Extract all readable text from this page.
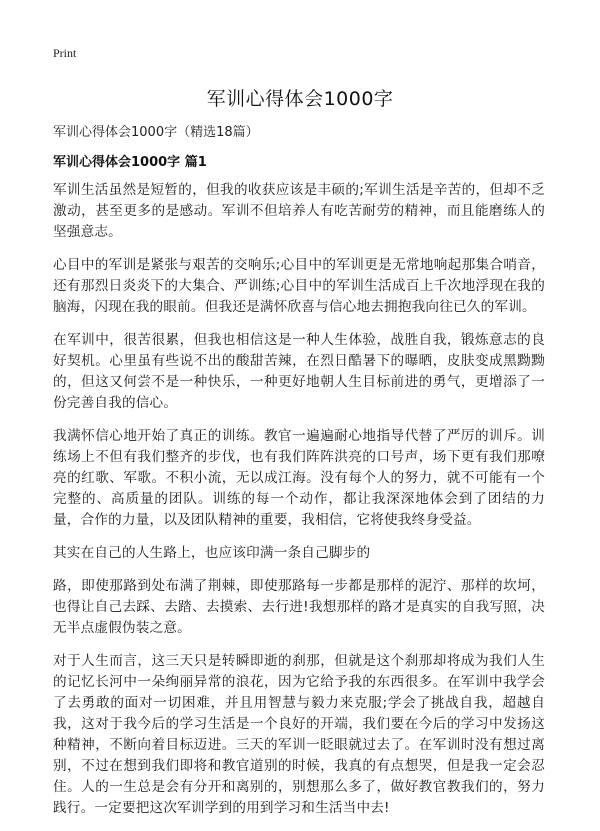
Print
军训心得体会1000字
军训心得体会1000字（精选18篇）
军训心得体会1000字 篇1

军训生活虽然是短暂的，但我的收获应该是丰硕的;军训生活是辛苦的，但却不乏激动，甚至更多的是感动。军训不但培养人有吃苦耐劳的精神，而且能磨练人的坚强意志。

心目中的军训是紧张与艰苦的交响乐;心目中的军训更是无常地响起那集合哨音，还有那烈日炎炎下的大集合、严训练;心目中的军训生活成百上千次地浮现在我的脑海，闪现在我的眼前。但我还是满怀欣喜与信心地去拥抱我向往已久的军训。

在军训中，很苦很累，但我也相信这是一种人生体验，战胜自我，锻炼意志的良好契机。心里虽有些说不出的酸甜苦辣，在烈日酷暑下的曝晒，皮肤变成黑黝黝的，但这又何尝不是一种快乐，一种更好地朝人生目标前进的勇气，更增添了一份完善自我的信心。

我满怀信心地开始了真正的训练。教官一遍遍耐心地指导代替了严厉的训斥。训练场上不但有我们整齐的步伐，也有我们阵阵洪亮的口号声，场下更有我们那嘹亮的红歌、军歌。不积小流，无以成江海。没有每个人的努力，就不可能有一个完整的、高质量的团队。训练的每一个动作，都让我深深地体会到了团结的力量，合作的力量，以及团队精神的重要，我相信，它将使我终身受益。

其实在自己的人生路上，也应该印满一条自己脚步的

路，即使那路到处布满了荆棘，即使那路每一步都是那样的泥泞、那样的坎坷，也得让自己去踩、去踏、去摸索、去行进!我想那样的路才是真实的自我写照，决无半点虚假伪装之意。

对于人生而言，这三天只是转瞬即逝的刹那，但就是这个刹那却将成为我们人生的记忆长河中一朵绚丽异常的浪花，因为它给予我的东西很多。在军训中我学会了去勇敢的面对一切困难，并且用智慧与毅力来克服;学会了挑战自我，超越自我，这对于我今后的学习生活是一个良好的开端，我们要在今后的学习中发扬这种精神，不断向着目标迈进。三天的军训一眨眼就过去了。在军训时没有想过离别，不过在想到我们即将和教官道别的时候，我真的有点想哭，但是我一定会忍住。人的一生总是会有分开和离别的，别想那么多了，做好教官教我们的，努力践行。一定要把这次军训学到的用到学习和生活当中去!
